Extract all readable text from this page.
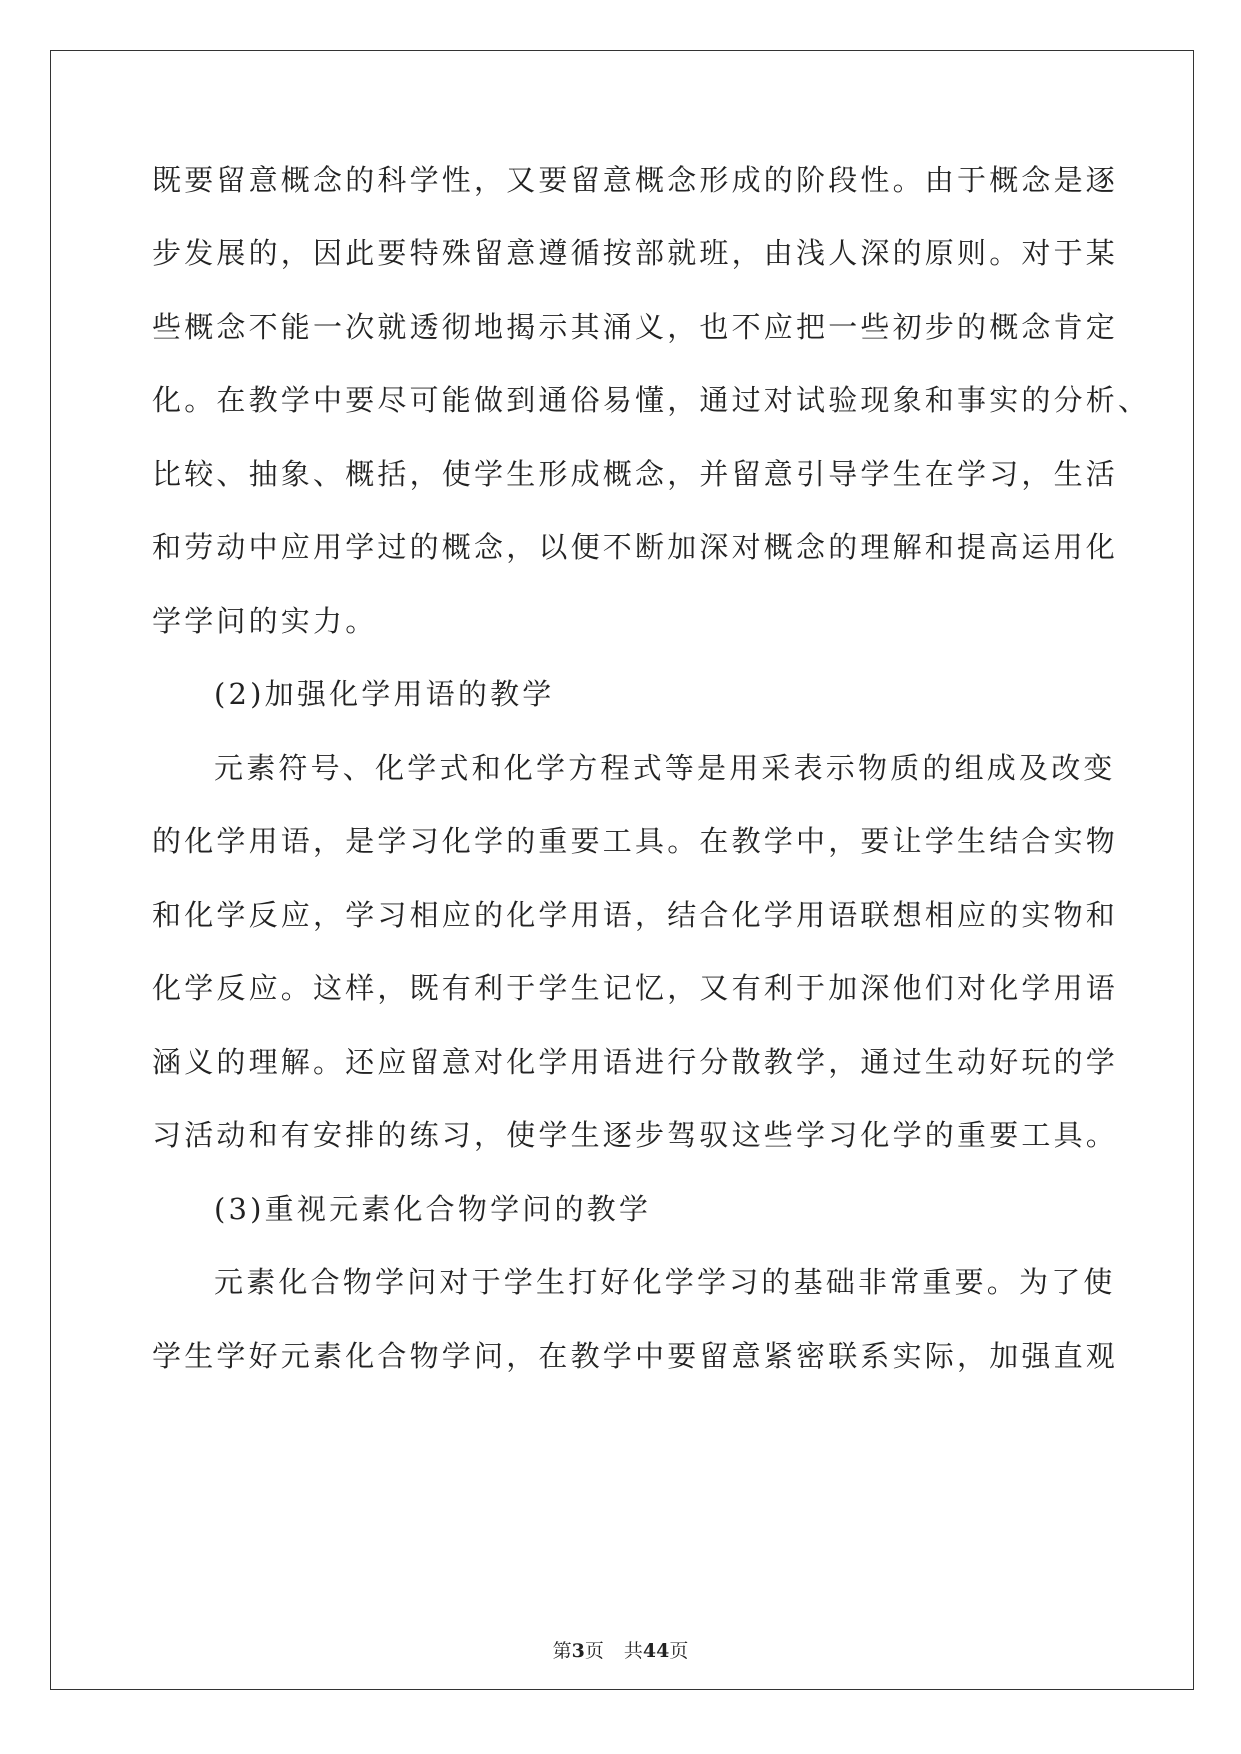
既要留意概念的科学性，又要留意概念形成的阶段性。由于概念是逐
步发展的，因此要特殊留意遵循按部就班，由浅人深的原则。对于某
些概念不能一次就透彻地揭示其涌义，也不应把一些初步的概念肯定
化。在教学中要尽可能做到通俗易懂，通过对试验现象和事实的分析、
比较、抽象、概括，使学生形成概念，并留意引导学生在学习，生活
和劳动中应用学过的概念，以便不断加深对概念的理解和提高运用化
学学问的实力。
(2)加强化学用语的教学
元素符号、化学式和化学方程式等是用采表示物质的组成及改变
的化学用语，是学习化学的重要工具。在教学中，要让学生结合实物
和化学反应，学习相应的化学用语，结合化学用语联想相应的实物和
化学反应。这样，既有利于学生记忆，又有利于加深他们对化学用语
涵义的理解。还应留意对化学用语进行分散教学，通过生动好玩的学
习活动和有安排的练习，使学生逐步驾驭这些学习化学的重要工具。
(3)重视元素化合物学问的教学
元素化合物学问对于学生打好化学学习的基础非常重要。为了使
学生学好元素化合物学问，在教学中要留意紧密联系实际，加强直观
第3页 共44页
